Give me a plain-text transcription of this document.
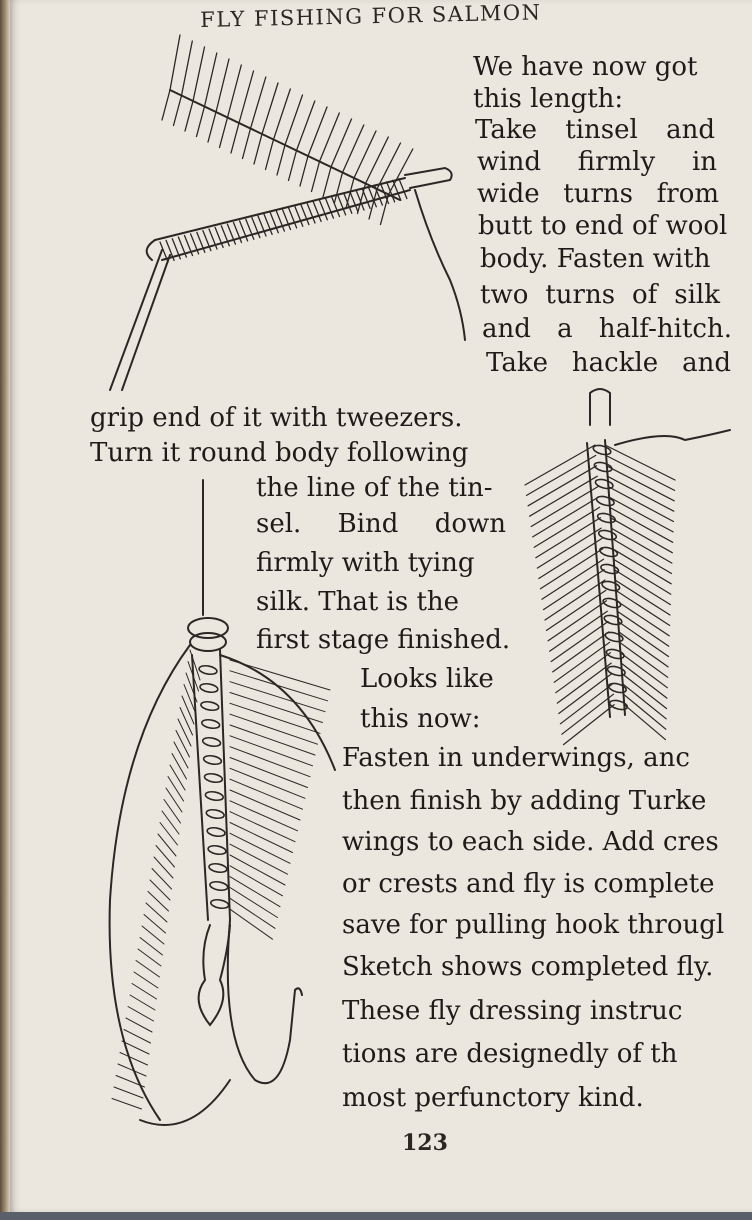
FLY FISHING FOR SALMON
We have now got
this length:
Take tinsel and
wind firmly in
wide turns from
butt to end of wool
body. Fasten with
two turns of silk
and a half-hitch.
Take hackle and
grip end of it with tweezers.
Turn it round body following
the line of the tin-
sel. Bind down
firmly with tying
silk. That is the
first stage finished.
Looks like
this now:
Fasten in underwings, anc
then finish by adding Turke
wings to each side. Add cres
or crests and fly is complete
save for pulling hook througl
Sketch shows completed fly.
These fly dressing instruc
tions are designedly of th
most perfunctory kind.
123
